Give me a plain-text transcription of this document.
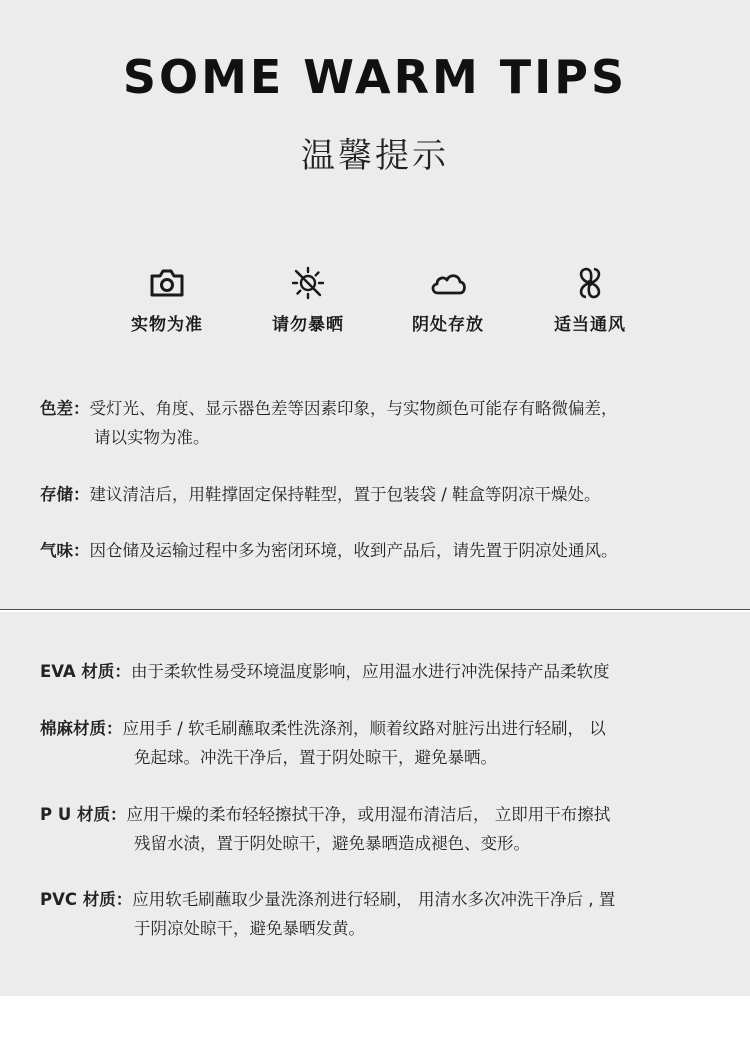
SOME WARM TIPS
温馨提示
实物为准	请勿暴晒	阴处存放	适当通风
色差：受灯光、角度、显示器色差等因素印象，与实物颜色可能存有略微偏差，
请以实物为准。
存储：建议清洁后，用鞋撑固定保持鞋型，置于包装袋 / 鞋盒等阴凉干燥处。
气味：因仓储及运输过程中多为密闭环境，收到产品后，请先置于阴凉处通风。
EVA 材质：由于柔软性易受环境温度影响，应用温水进行冲洗保持产品柔软度
棉麻材质：应用手 / 软毛刷蘸取柔性洗涤剂，顺着纹路对脏污出进行轻刷， 以
免起球。冲洗干净后，置于阴处晾干，避免暴晒。
P U 材质：应用干燥的柔布轻轻擦拭干净，或用湿布清洁后， 立即用干布擦拭
残留水渍，置于阴处晾干，避免暴晒造成褪色、变形。
PVC 材质：应用软毛刷蘸取少量洗涤剂进行轻刷， 用清水多次冲洗干净后 , 置
于阴凉处晾干，避免暴晒发黄。
